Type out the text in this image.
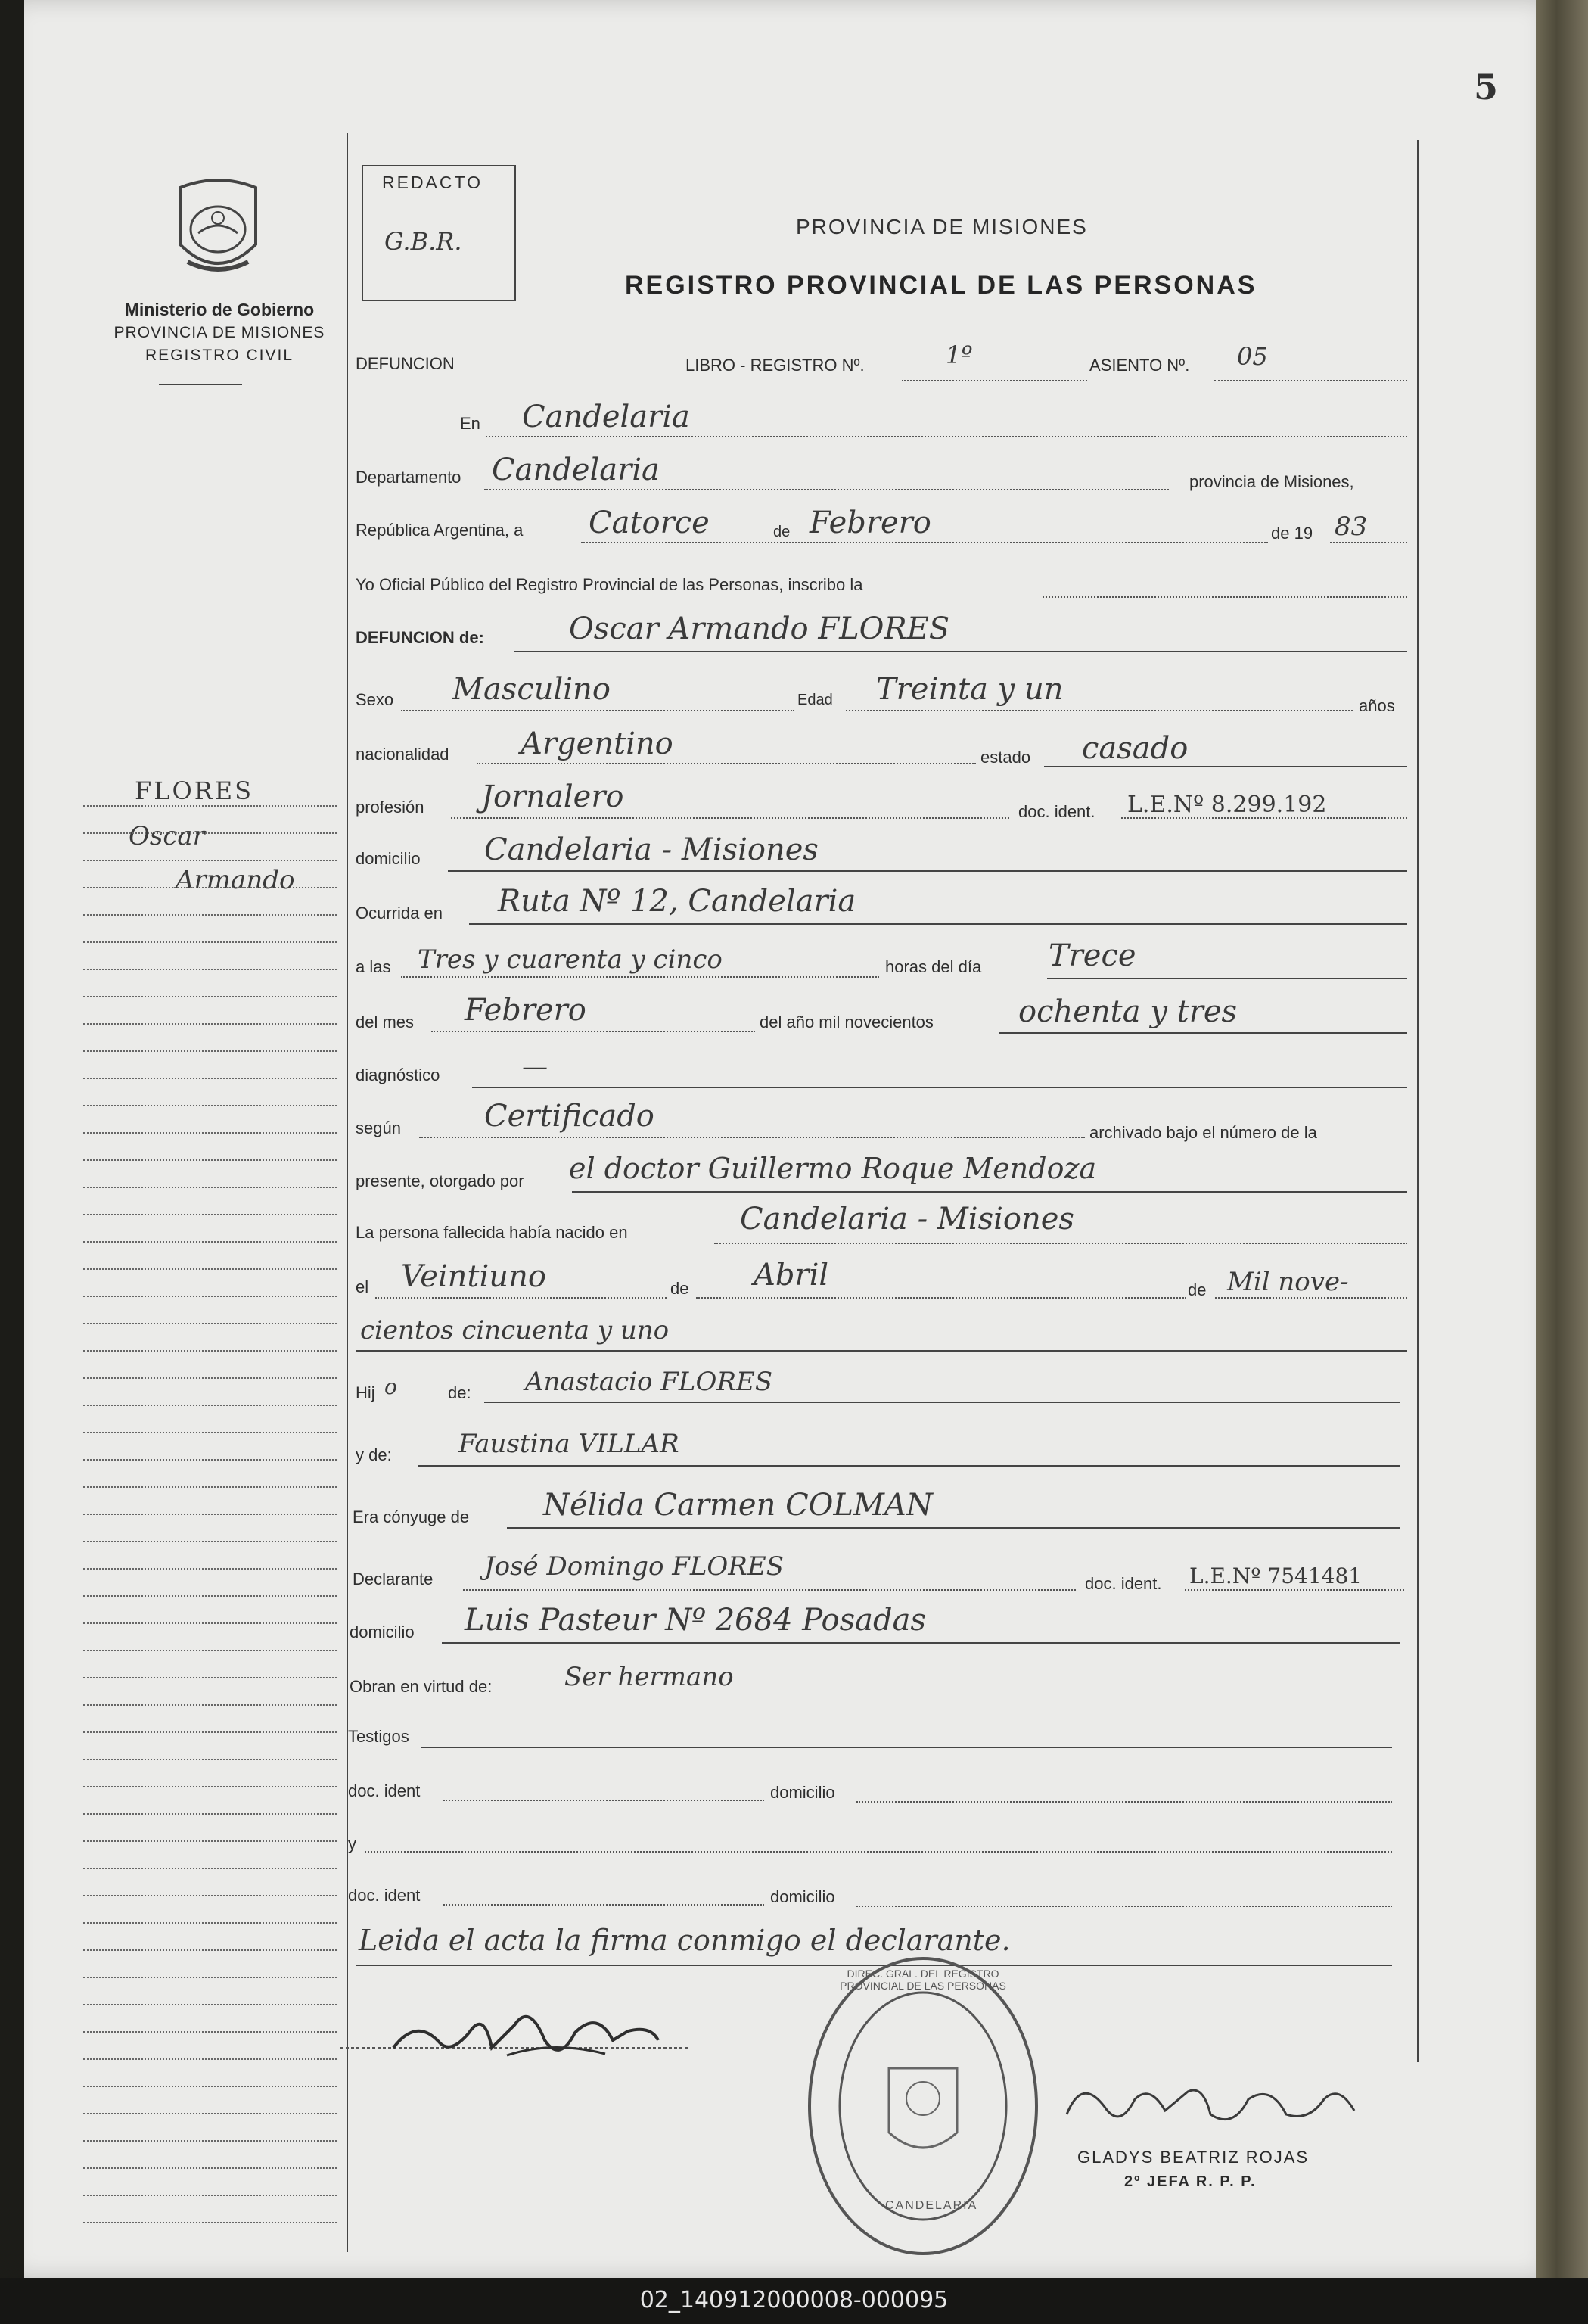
02_140912000008-000095
5
Ministerio de Gobierno
PROVINCIA DE MISIONES
REGISTRO CIVIL
REDACTO
G.B.R.
PROVINCIA DE MISIONES
REGISTRO PROVINCIAL DE LAS PERSONAS
FLORES
Oscar
Armando
DEFUNCION	LIBRO - REGISTRO Nº.	1º	ASIENTO Nº. 05
En Candelaria
Departamento Candelaria	provincia de Misiones,
República Argentina, a Catorce	de Febrero	de 19 83
Yo Oficial Público del Registro Provincial de las Personas, inscribo la
DEFUNCION de:	Oscar Armando FLORES
Sexo Masculino	Edad Treinta y un	años
nacionalidad Argentino	estado casado
profesión Jornalero	doc. ident. L.E.Nº 8.299.192
domicilio Candelaria - Misiones
Ocurrida en Ruta Nº 12, Candelaria
a las Tres y cuarenta y cinco	horas del día Trece
del mes Febrero	del año mil novecientos	ochenta y tres
diagnóstico	—
según	Certificado	archivado bajo el número de la
presente, otorgado por el doctor Guillermo Roque Mendoza
La persona fallecida había nacido en	Candelaria - Misiones
el Veintiuno	de Abril	de Mil nove-
cientos cincuenta y uno
Hij o	de: Anastacio FLORES
y de:	Faustina VILLAR
Era cónyuge de Nélida Carmen COLMAN
Declarante José Domingo FLORES
doc. ident. L.E.Nº 7541481
domicilio Luis Pasteur Nº 2684 Posadas
Obran en virtud de:	Ser hermano
Testigos
doc. ident	domicilio
y
doc. ident	domicilio
Leida el acta la firma conmigo el declarante.
DIREC. GRAL. DEL REGISTRO PROVINCIAL DE LAS PERSONAS
CANDELARIA
GLADYS BEATRIZ ROJAS
2º JEFA R. P. P.
